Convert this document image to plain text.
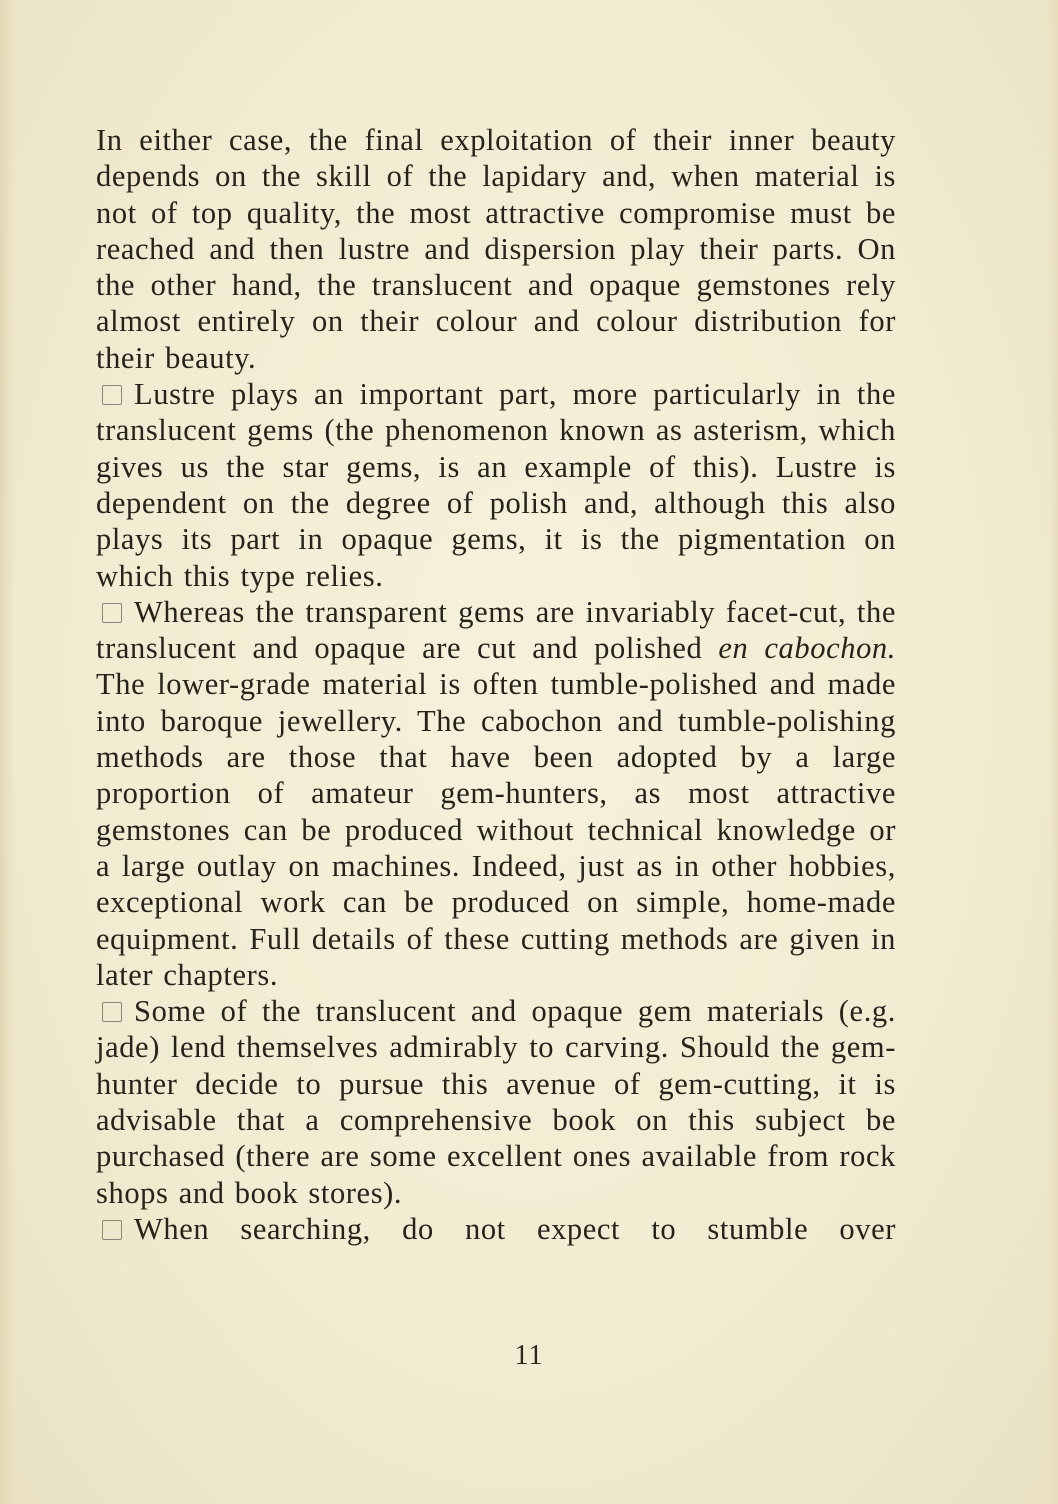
In either case, the final exploitation of their inner beauty depends on the skill of the lapidary and, when material is not of top quality, the most attractive compromise must be reached and then lustre and dispersion play their parts. On the other hand, the translucent and opaque gemstones rely almost entirely on their colour and colour distribution for their beauty.

Lustre plays an important part, more particularly in the translucent gems (the phenomenon known as asterism, which gives us the star gems, is an example of this). Lustre is dependent on the degree of polish and, although this also plays its part in opaque gems, it is the pigmentation on which this type relies.

Whereas the transparent gems are invariably facet-cut, the translucent and opaque are cut and polished en cabochon. The lower-grade material is often tumble-polished and made into baroque jewellery. The cabochon and tumble-polishing methods are those that have been adopted by a large proportion of amateur gem-hunters, as most attractive gemstones can be produced without technical knowledge or a large outlay on machines. Indeed, just as in other hobbies, exceptional work can be produced on simple, home-made equipment. Full details of these cutting methods are given in later chapters.

Some of the translucent and opaque gem materials (e.g. jade) lend themselves admirably to carving. Should the gem-hunter decide to pursue this avenue of gem-cutting, it is advisable that a comprehensive book on this subject be purchased (there are some excellent ones available from rock shops and book stores).

When searching, do not expect to stumble over

11
